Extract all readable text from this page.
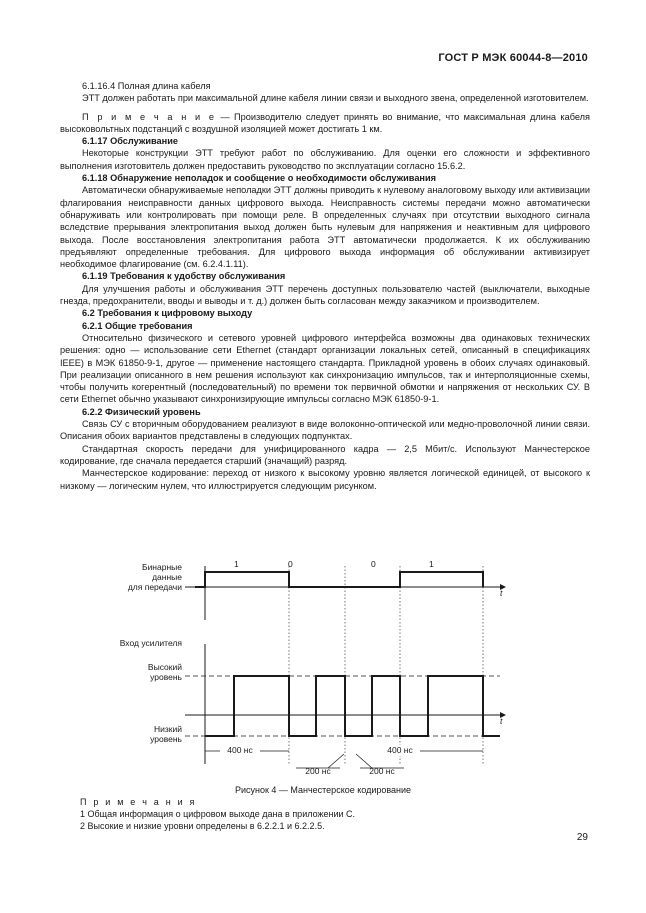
ГОСТ Р МЭК 60044-8—2010

6.1.16.4 Полная длина кабеля

ЭТТ должен работать при максимальной длине кабеля линии связи и выходного звена, определенной изготовителем.

П р и м е ч а н и е — Производителю следует принять во внимание, что максимальная длина кабеля высоковольтных подстанций с воздушной изоляцией может достигать 1 км.

6.1.17 Обслуживание

Некоторые конструкции ЭТТ требуют работ по обслуживанию. Для оценки его сложности и эффективного выполнения изготовитель должен предоставить руководство по эксплуатации согласно 15.6.2.

6.1.18 Обнаружение неполадок и сообщение о необходимости обслуживания

Автоматически обнаруживаемые неполадки ЭТТ должны приводить к нулевому аналоговому выходу или активизации флагирования неисправности данных цифрового выхода. Неисправность системы передачи можно автоматически обнаруживать или контролировать при помощи реле. В определенных случаях при отсутствии выходного сигнала вследствие прерывания электропитания выход должен быть нулевым для напряжения и неактивным для цифрового выхода. После восстановления электропитания работа ЭТТ автоматически продолжается. К их обслуживанию предъявляют определенные требования. Для цифрового выхода информация об обслуживании активизирует необходимое флагирование (см. 6.2.4.1.11).

6.1.19 Требования к удобству обслуживания

Для улучшения работы и обслуживания ЭТТ перечень доступных пользователю частей (выключатели, выходные гнезда, предохранители, вводы и выводы и т. д.) должен быть согласован между заказчиком и производителем.

6.2 Требования к цифровому выходу

6.2.1 Общие требования

Относительно физического и сетевого уровней цифрового интерфейса возможны два одинаковых технических решения: одно — использование сети Ethernet (стандарт организации локальных сетей, описанный в спецификациях IEEE) в МЭК 61850-9-1, другое — применение настоящего стандарта. Прикладной уровень в обоих случаях одинаковый. При реализации описанного в нем решения используют как синхронизацию импульсов, так и интерполяционные схемы, чтобы получить когерентный (последовательный) по времени ток первичной обмотки и напряжения от нескольких СУ. В сети Ethernet обычно указывают синхронизирующие импульсы согласно МЭК 61850-9-1.

6.2.2 Физический уровень

Связь СУ с вторичным оборудованием реализуют в виде волоконно-оптической или медно-проволочной линии связи. Описания обоих вариантов представлены в следующих подпунктах.

Стандартная скорость передачи для унифицированного кадра — 2,5 Мбит/с. Используют Манчестерское кодирование, где сначала передается старший (значащий) разряд.

Манчестерское кодирование: переход от низкого к высокому уровню является логической единицей, от высокого к низкому — логическим нулем, что иллюстрируется следующим рисунком.

Бинарные
данные
для передачи
t
1	0	0	1
Вход усилителя
t
Высокий
уровень
Низкий
уровень
400 нс	400 нс
200 нс	200 нс
Рисунок 4 — Манчестерское кодирование
П р и м е ч а н и я
1 Общая информация о цифровом выходе дана в приложении С.
2 Высокие и низкие уровни определены в 6.2.2.1 и 6.2.2.5.
29
